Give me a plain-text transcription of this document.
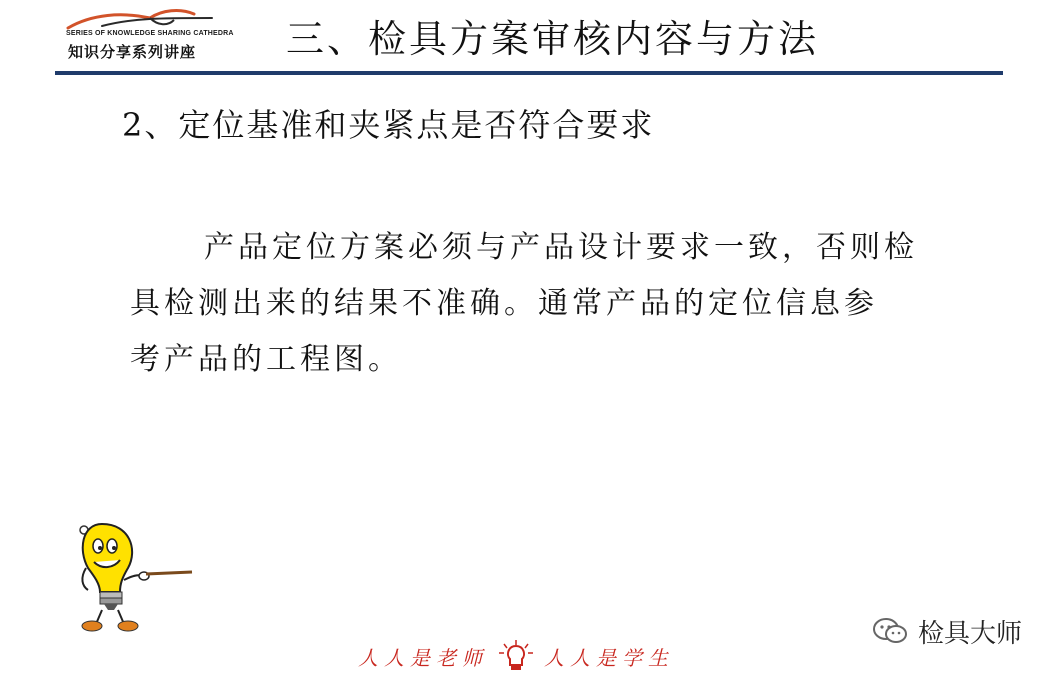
SERIES OF KNOWLEDGE SHARING CATHEDRA
知识分享系列讲座 三、检具方案审核内容与方法
2、定位基准和夹紧点是否符合要求
产品定位方案必须与产品设计要求一致，否则检
具检测出来的结果不准确。通常产品的定位信息参
考产品的工程图。
检具大师
人人是老师	人人是学生
